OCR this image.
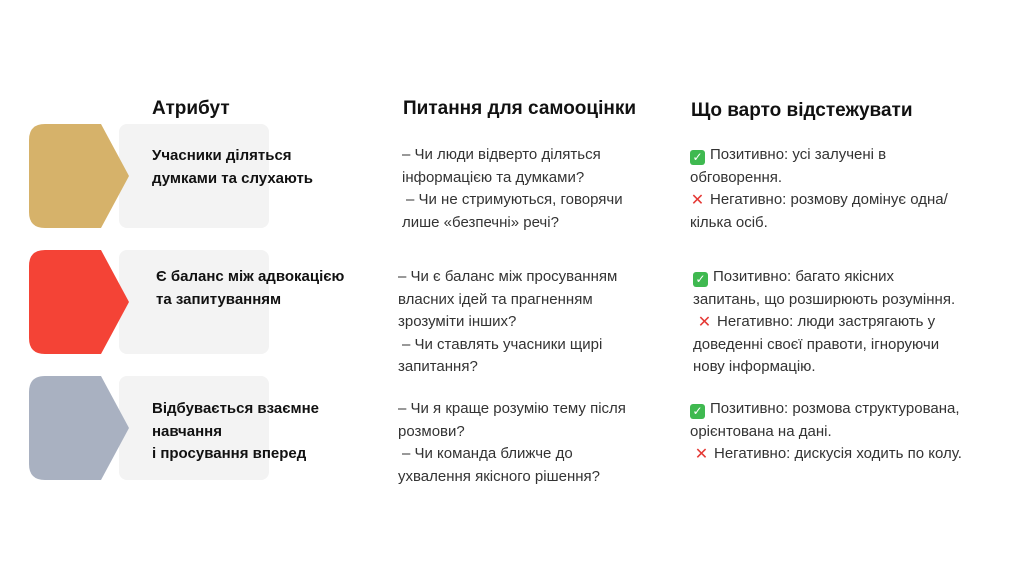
Атрибут	Питання для самооцінки	Що варто відстежувати
Учасники діляться
думками та слухають
– Чи люди відверто діляться
інформацією та думками?
– Чи не стримуються, говорячи
лише «безпечні» речі?
✓ Позитивно: усі залучені в
обговорення.
✕ Негативно: розмову домінує одна/
кілька осіб.
Є баланс між адвокацією
та запитуванням
– Чи є баланс між просуванням
власних ідей та прагненням
зрозуміти інших?
– Чи ставлять учасники щирі
запитання?
✓ Позитивно: багато якісних
запитань, що розширюють розуміння.
✕ Негативно: люди застрягають у
доведенні своєї правоти, ігноруючи
нову інформацію.
Відбувається взаємне
навчання
і просування вперед
– Чи я краще розумію тему після
розмови?
– Чи команда ближче до
ухвалення якісного рішення?
✓ Позитивно: розмова структурована,
орієнтована на дані.
✕ Негативно: дискусія ходить по колу.
